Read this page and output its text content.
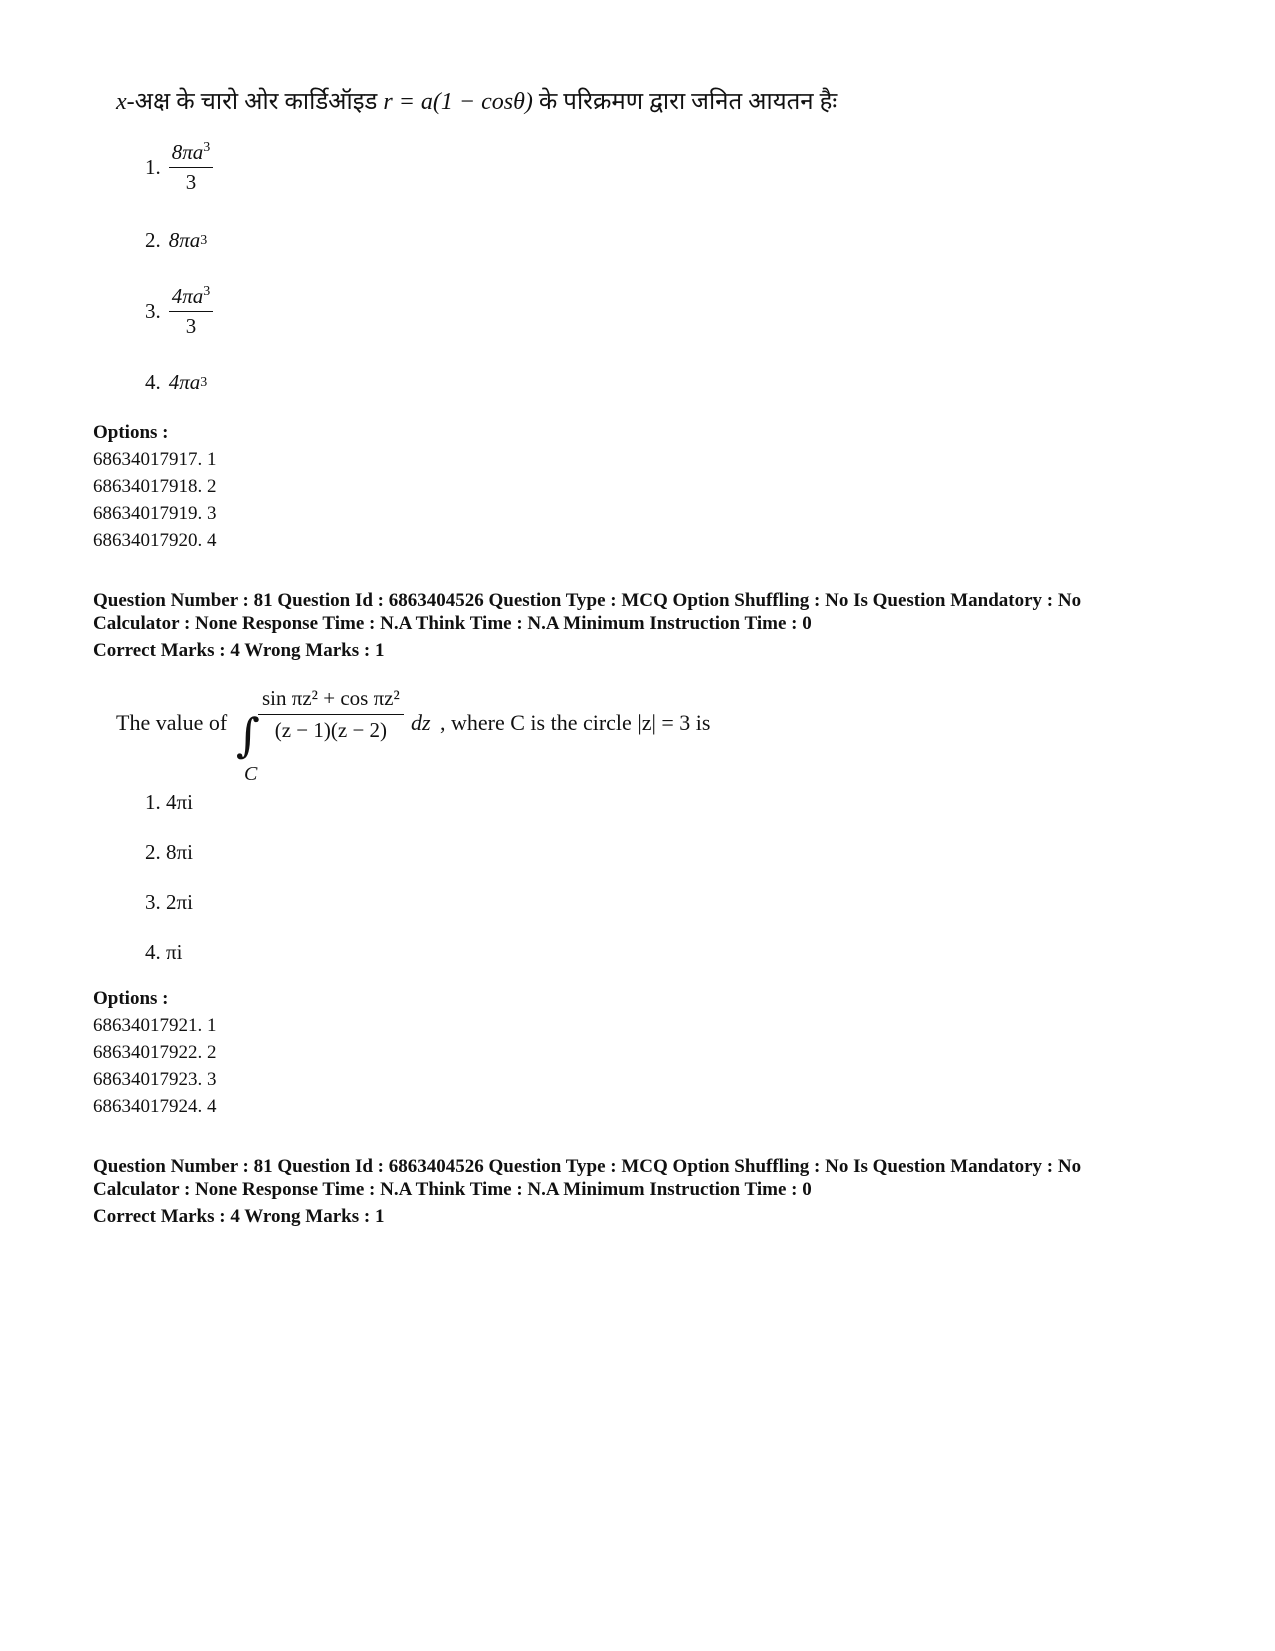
x-अक्ष के चारो ओर कार्डिऑइड r = a(1 − cosθ) के परिक्रमण द्वारा जनित आयतन हैः
1. $\frac{8\pi a^3}{3}$
2. 8πa 3
3. $\frac{4\pi a^3}{3}$
4. 4πa 3
Options :
68634017917. 1
68634017918. 2
68634017919. 3
68634017920. 4
Question Number : 81 Question Id : 6863404526 Question Type : MCQ Option Shuffling : No Is Question Mandatory : No
Calculator : None Response Time : N.A Think Time : N.A Minimum Instruction Time : 0
Correct Marks : 4 Wrong Marks : 1
The value of ∫
C
$\frac{\text{sin πz² + cos πz²}}{(z - 1)(z - 2)}$ dz , where C is the circle |z| = 3 is
1. 4πi
2. 8πi
3. 2πi
4. πi
Options :
68634017921. 1
68634017922. 2
68634017923. 3
68634017924. 4
Question Number : 81 Question Id : 6863404526 Question Type : MCQ Option Shuffling : No Is Question Mandatory : No
Calculator : None Response Time : N.A Think Time : N.A Minimum Instruction Time : 0
Correct Marks : 4 Wrong Marks : 1
